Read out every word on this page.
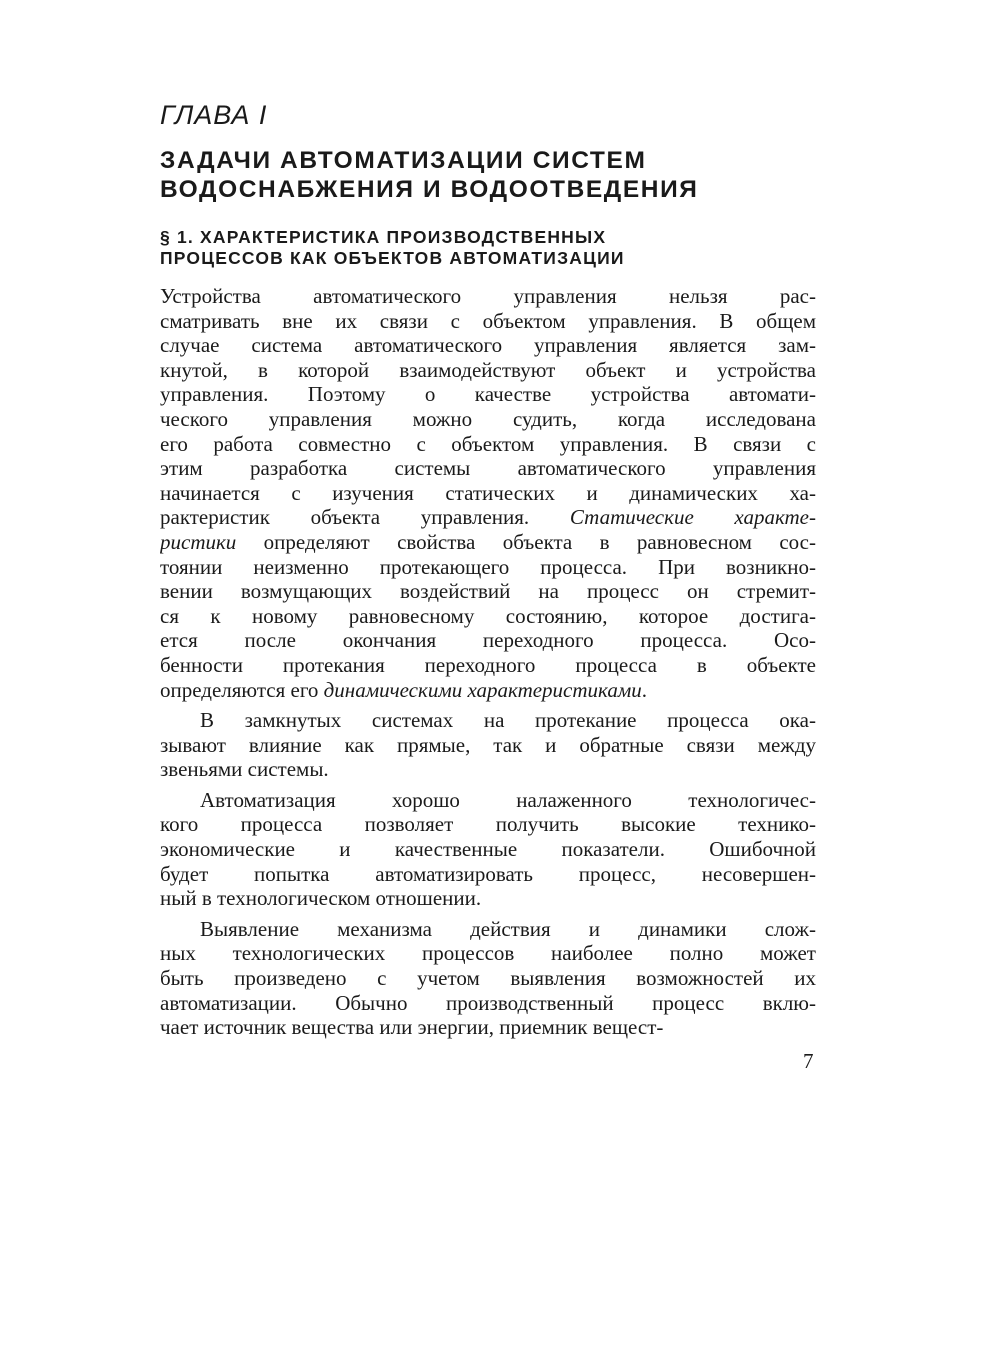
ГЛАВА I
ЗАДАЧИ АВТОМАТИЗАЦИИ СИСТЕМ
ВОДОСНАБЖЕНИЯ И ВОДООТВЕДЕНИЯ
§ 1. ХАРАКТЕРИСТИКА ПРОИЗВОДСТВЕННЫХ
ПРОЦЕССОВ КАК ОБЪЕКТОВ АВТОМАТИЗАЦИИ
Устройства автоматического управления нельзя рас-
сматривать вне их связи с объектом управления. В общем
случае система автоматического управления является зам-
кнутой, в которой взаимодействуют объект и устройства
управления. Поэтому о качестве устройства автомати-
ческого управления можно судить, когда исследована
его работа совместно с объектом управления. В связи с
этим разработка системы автоматического управления
начинается с изучения статических и динамических ха-
рактеристик объекта управления. Статические характе-
ристики определяют свойства объекта в равновесном сос-
тоянии неизменно протекающего процесса. При возникно-
вении возмущающих воздействий на процесс он стремит-
ся к новому равновесному состоянию, которое достига-
ется после окончания переходного процесса. Осо-
бенности протекания переходного процесса в объекте
определяются его динамическими характеристиками.
В замкнутых системах на протекание процесса ока-
зывают влияние как прямые, так и обратные связи между
звеньями системы.
Автоматизация хорошо налаженного технологичес-
кого процесса позволяет получить высокие технико-
экономические и качественные показатели. Ошибочной
будет попытка автоматизировать процесс, несовершен-
ный в технологическом отношении.
Выявление механизма действия и динамики слож-
ных технологических процессов наиболее полно может
быть произведено с учетом выявления возможностей их
автоматизации. Обычно производственный процесс вклю-
чает источник вещества или энергии, приемник вещест-

7
